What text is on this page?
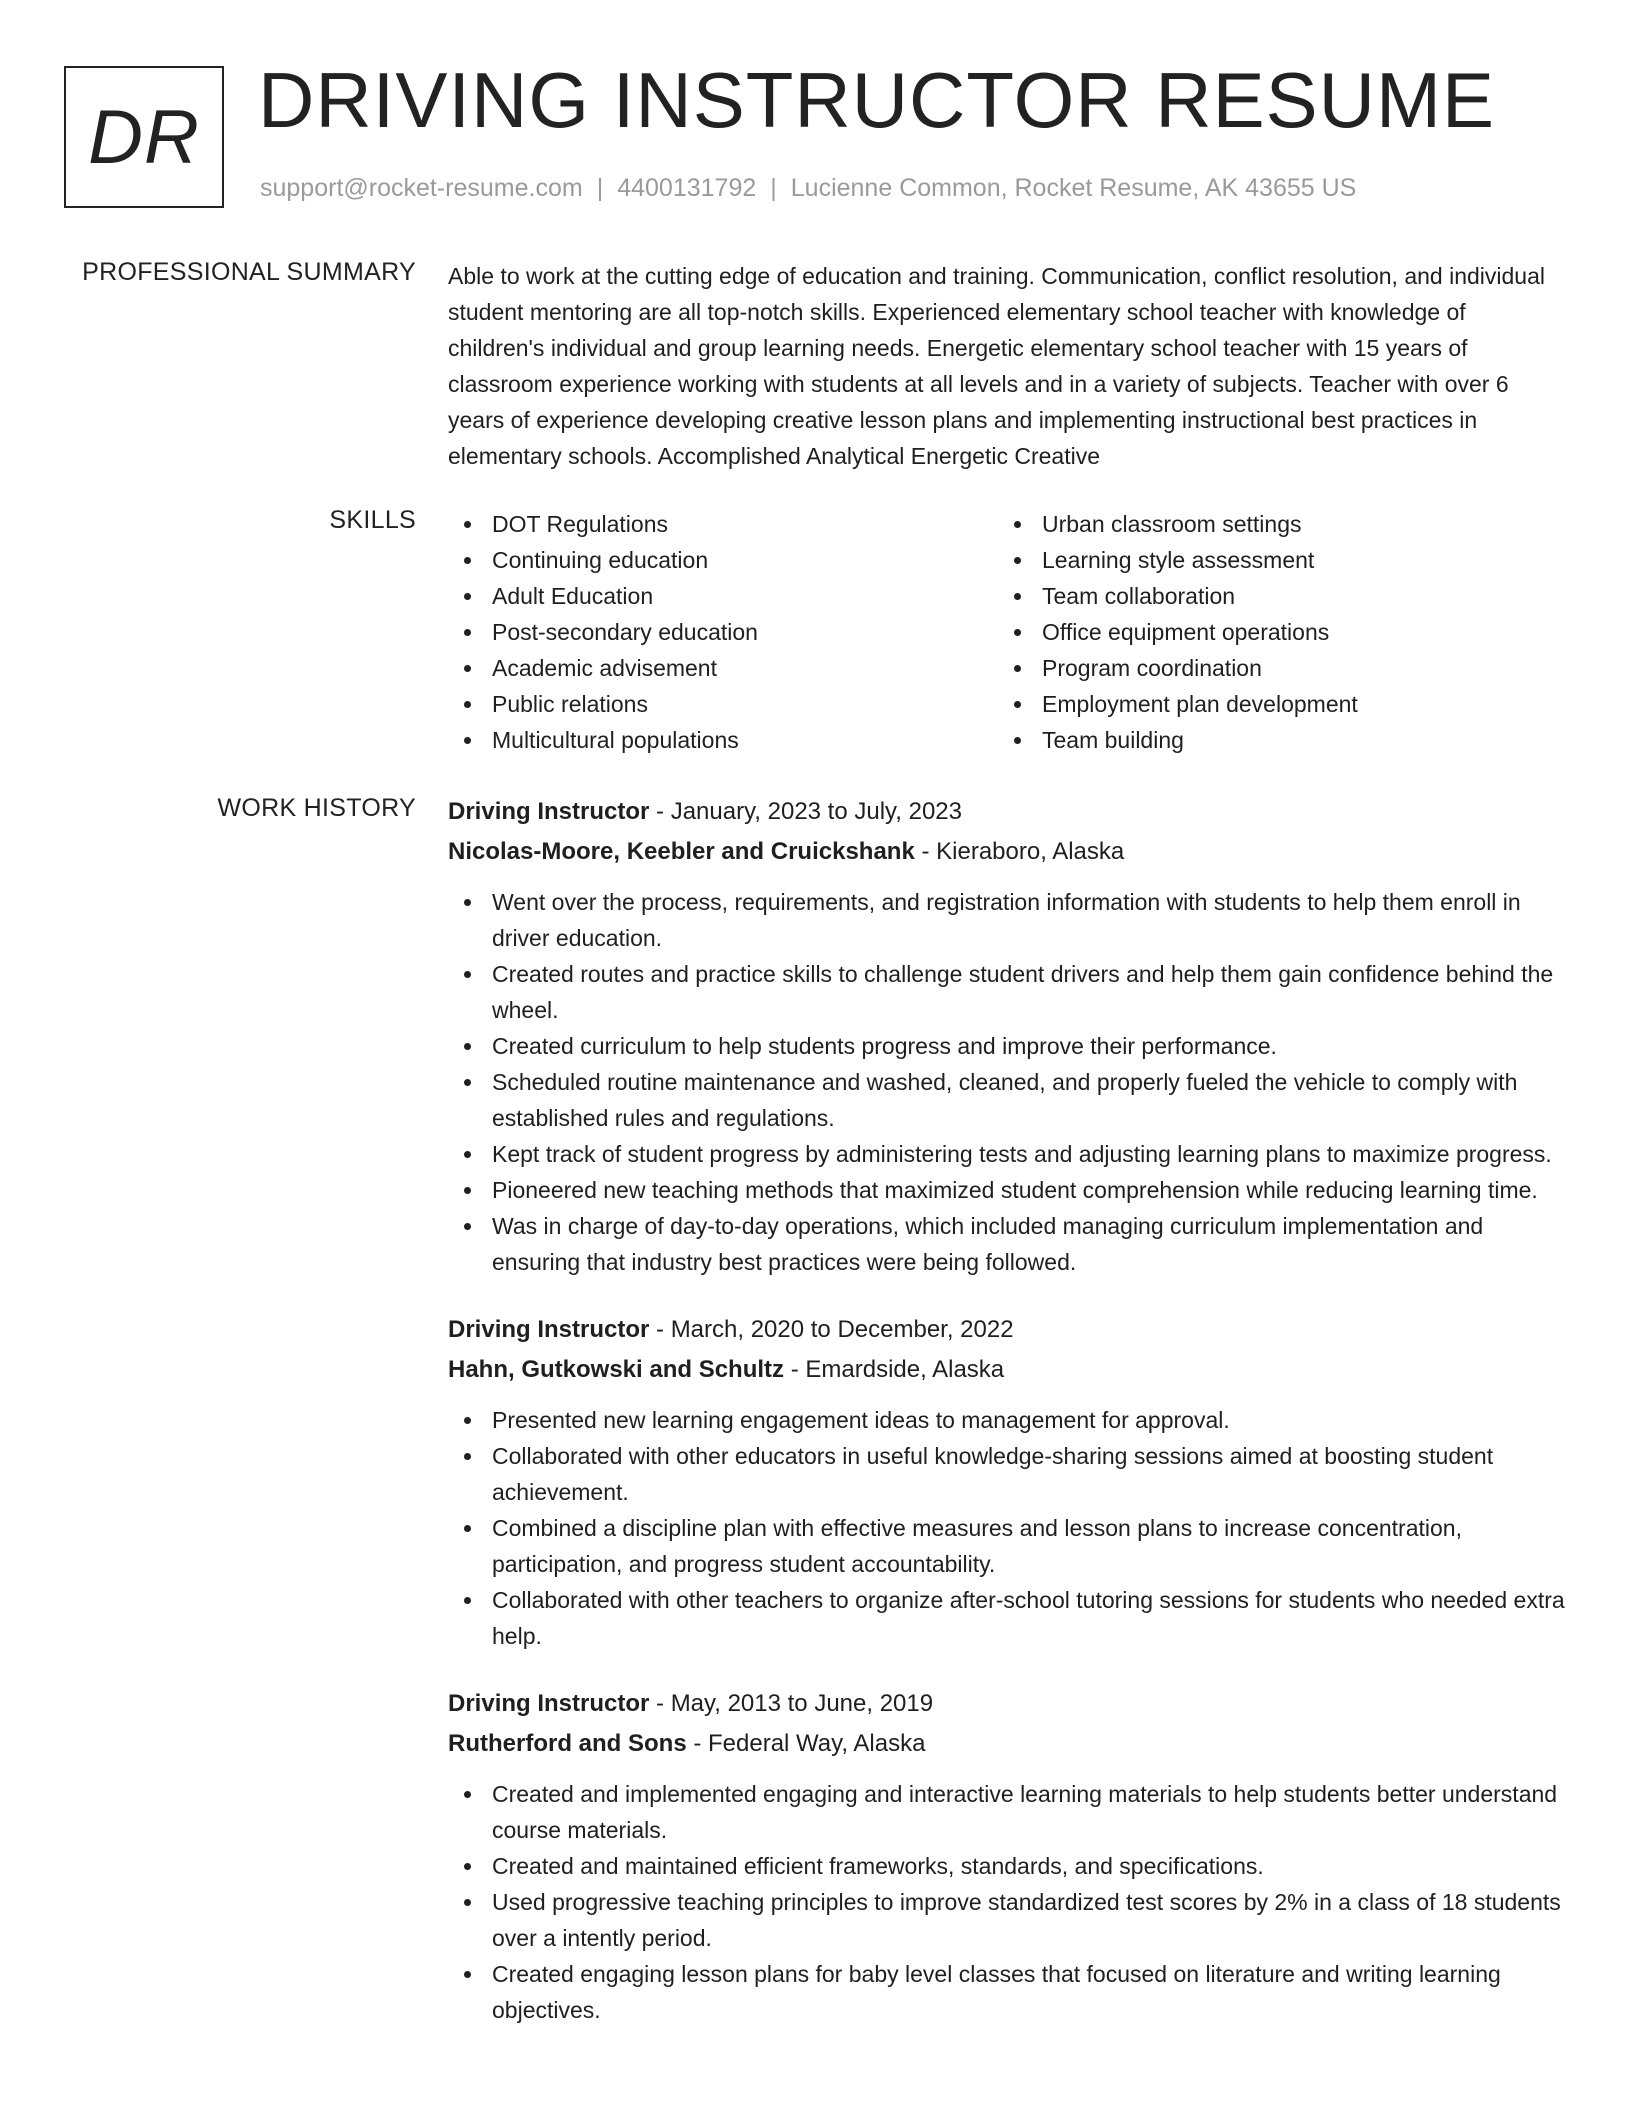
DR DRIVING INSTRUCTOR RESUME
support@rocket-resume.com | 4400131792 | Lucienne Common, Rocket Resume, AK 43655 US
PROFESSIONAL SUMMARY Able to work at the cutting edge of education and training. Communication, conflict resolution, and individual student mentoring are all top-notch skills. Experienced elementary school teacher with knowledge of children's individual and group learning needs. Energetic elementary school teacher with 15 years of classroom experience working with students at all levels and in a variety of subjects. Teacher with over 6 years of experience developing creative lesson plans and implementing instructional best practices in elementary schools. Accomplished Analytical Energetic Creative

SKILLS	DOT Regulations
Continuing education
Adult Education
Post-secondary education
Academic advisement
Public relations
Multicultural populations
Urban classroom settings
Learning style assessment
Team collaboration
Office equipment operations
Program coordination
Employment plan development
Team building
WORK HISTORY Driving Instructor - January, 2023 to July, 2023
Nicolas-Moore, Keebler and Cruickshank - Kieraboro, Alaska
Went over the process, requirements, and registration information with students to help them enroll in driver education.
Created routes and practice skills to challenge student drivers and help them gain confidence behind the wheel.
Created curriculum to help students progress and improve their performance.
Scheduled routine maintenance and washed, cleaned, and properly fueled the vehicle to comply with established rules and regulations.
Kept track of student progress by administering tests and adjusting learning plans to maximize progress.
Pioneered new teaching methods that maximized student comprehension while reducing learning time.
Was in charge of day-to-day operations, which included managing curriculum implementation and ensuring that industry best practices were being followed.
Driving Instructor - March, 2020 to December, 2022
Hahn, Gutkowski and Schultz - Emardside, Alaska
Presented new learning engagement ideas to management for approval.
Collaborated with other educators in useful knowledge-sharing sessions aimed at boosting student achievement.
Combined a discipline plan with effective measures and lesson plans to increase concentration, participation, and progress student accountability.
Collaborated with other teachers to organize after-school tutoring sessions for students who needed extra help.
Driving Instructor - May, 2013 to June, 2019
Rutherford and Sons - Federal Way, Alaska
Created and implemented engaging and interactive learning materials to help students better understand course materials.
Created and maintained efficient frameworks, standards, and specifications.
Used progressive teaching principles to improve standardized test scores by 2% in a class of 18 students over a intently period.
Created engaging lesson plans for baby level classes that focused on literature and writing learning objectives.
